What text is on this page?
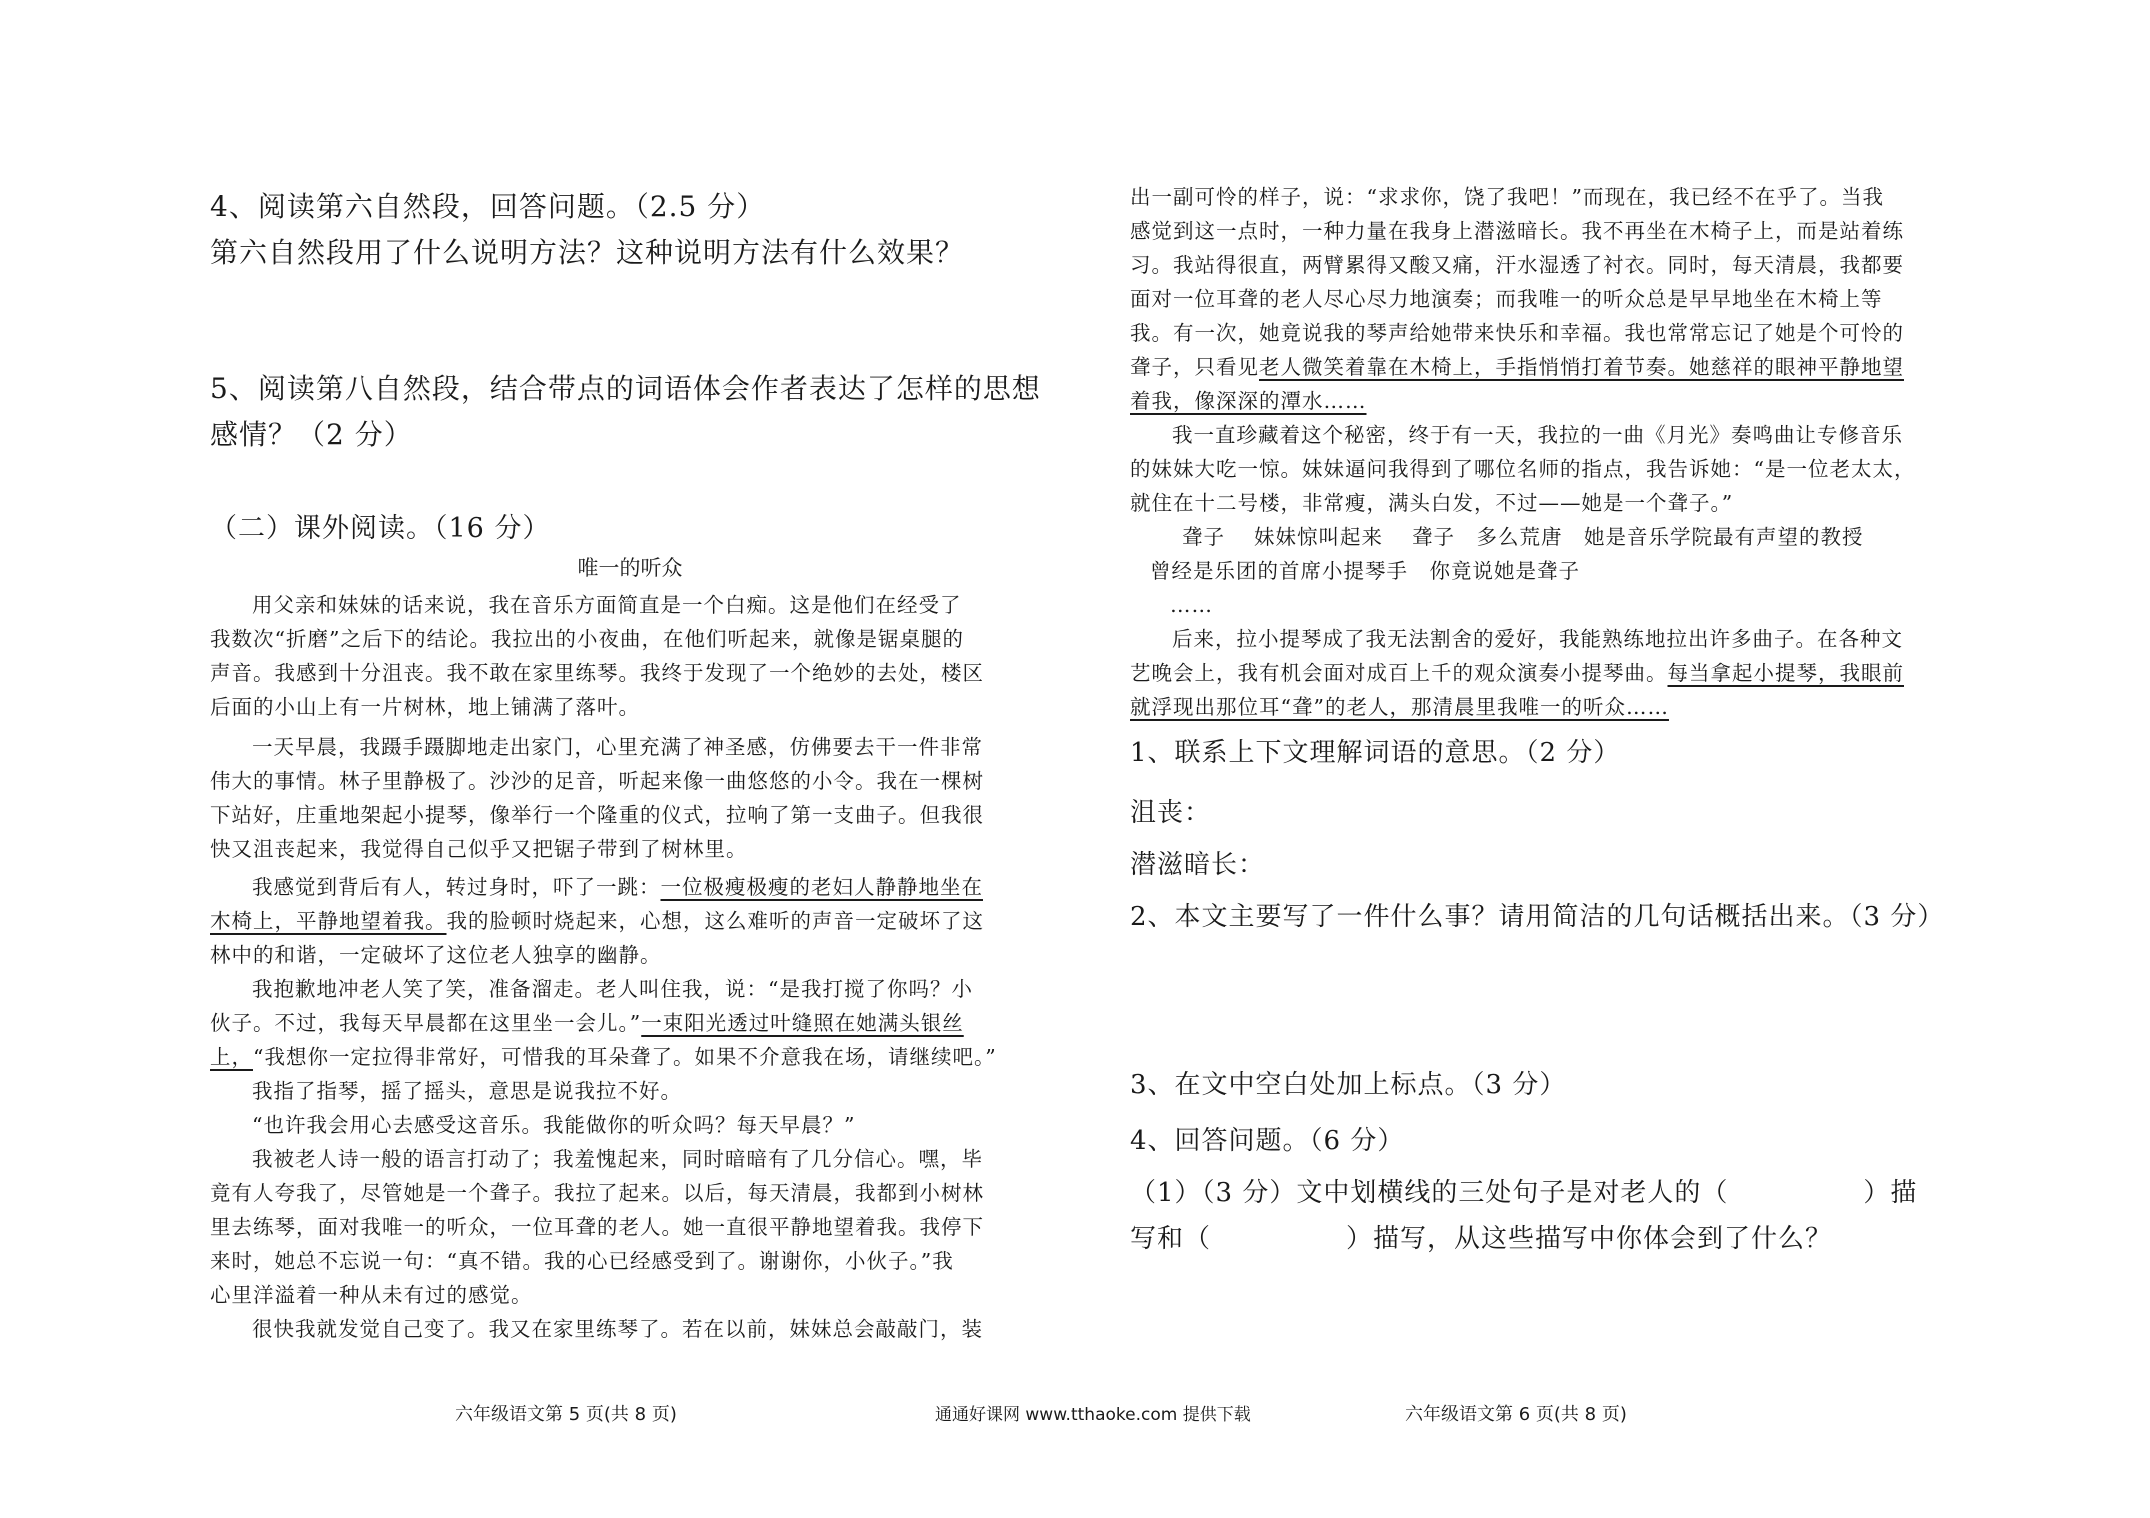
4、阅读第六自然段，回答问题。（2.5 分）
第六自然段用了什么说明方法？这种说明方法有什么效果？
5、阅读第八自然段，结合带点的词语体会作者表达了怎样的思想
感情？（2 分）
（二）课外阅读。（16 分）
唯一的听众
用父亲和妹妹的话来说，我在音乐方面简直是一个白痴。这是他们在经受了
我数次“折磨”之后下的结论。我拉出的小夜曲，在他们听起来，就像是锯桌腿的
声音。我感到十分沮丧。我不敢在家里练琴。我终于发现了一个绝妙的去处，楼区
后面的小山上有一片树林，地上铺满了落叶。
一天早晨，我蹑手蹑脚地走出家门，心里充满了神圣感，仿佛要去干一件非常
伟大的事情。林子里静极了。沙沙的足音，听起来像一曲悠悠的小令。我在一棵树
下站好，庄重地架起小提琴，像举行一个隆重的仪式，拉响了第一支曲子。但我很
快又沮丧起来，我觉得自己似乎又把锯子带到了树林里。
我感觉到背后有人，转过身时，吓了一跳：一位极瘦极瘦的老妇人静静地坐在
木椅上，平静地望着我。我的脸顿时烧起来，心想，这么难听的声音一定破坏了这
林中的和谐，一定破坏了这位老人独享的幽静。
我抱歉地冲老人笑了笑，准备溜走。老人叫住我，说：“是我打搅了你吗？小
伙子。不过，我每天早晨都在这里坐一会儿。”一束阳光透过叶缝照在她满头银丝
上，“我想你一定拉得非常好，可惜我的耳朵聋了。如果不介意我在场，请继续吧。”
我指了指琴，摇了摇头，意思是说我拉不好。
“也许我会用心去感受这音乐。我能做你的听众吗？每天早晨？”
我被老人诗一般的语言打动了；我羞愧起来，同时暗暗有了几分信心。嘿，毕
竟有人夸我了，尽管她是一个聋子。我拉了起来。以后，每天清晨，我都到小树林
里去练琴，面对我唯一的听众，一位耳聋的老人。她一直很平静地望着我。我停下
来时，她总不忘说一句：“真不错。我的心已经感受到了。谢谢你，小伙子。”我
心里洋溢着一种从未有过的感觉。
很快我就发觉自己变了。我又在家里练琴了。若在以前，妹妹总会敲敲门，装
出一副可怜的样子，说：“求求你，饶了我吧！”而现在，我已经不在乎了。当我
感觉到这一点时，一种力量在我身上潜滋暗长。我不再坐在木椅子上，而是站着练
习。我站得很直，两臂累得又酸又痛，汗水湿透了衬衣。同时，每天清晨，我都要
面对一位耳聋的老人尽心尽力地演奏；而我唯一的听众总是早早地坐在木椅上等
我。有一次，她竟说我的琴声给她带来快乐和幸福。我也常常忘记了她是个可怜的
聋子，只看见老人微笑着靠在木椅上，手指悄悄打着节奏。她慈祥的眼神平静地望
着我，像深深的潭水……
我一直珍藏着这个秘密，终于有一天，我拉的一曲《月光》奏鸣曲让专修音乐
的妹妹大吃一惊。妹妹逼问我得到了哪位名师的指点，我告诉她：“是一位老太太，
就住在十二号楼，非常瘦，满头白发，不过——她是一个聋子。”
聋子　 妹妹惊叫起来　 聋子　多么荒唐　她是音乐学院最有声望的教授
曾经是乐团的首席小提琴手　你竟说她是聋子
……
后来，拉小提琴成了我无法割舍的爱好，我能熟练地拉出许多曲子。在各种文
艺晚会上，我有机会面对成百上千的观众演奏小提琴曲。每当拿起小提琴，我眼前
就浮现出那位耳“聋”的老人，那清晨里我唯一的听众……
1、联系上下文理解词语的意思。（2 分）
沮丧：
潜滋暗长：
2、本文主要写了一件什么事？请用简洁的几句话概括出来。（3 分）
3、在文中空白处加上标点。（3 分）
4、回答问题。（6 分）
（1）（3 分）文中划横线的三处句子是对老人的（　　　　　）描
写和（　　　　　）描写，从这些描写中你体会到了什么？
六年级语文第 5 页(共 8 页)	通通好课网 www.tthaoke.com 提供下载	六年级语文第 6 页(共 8 页)
